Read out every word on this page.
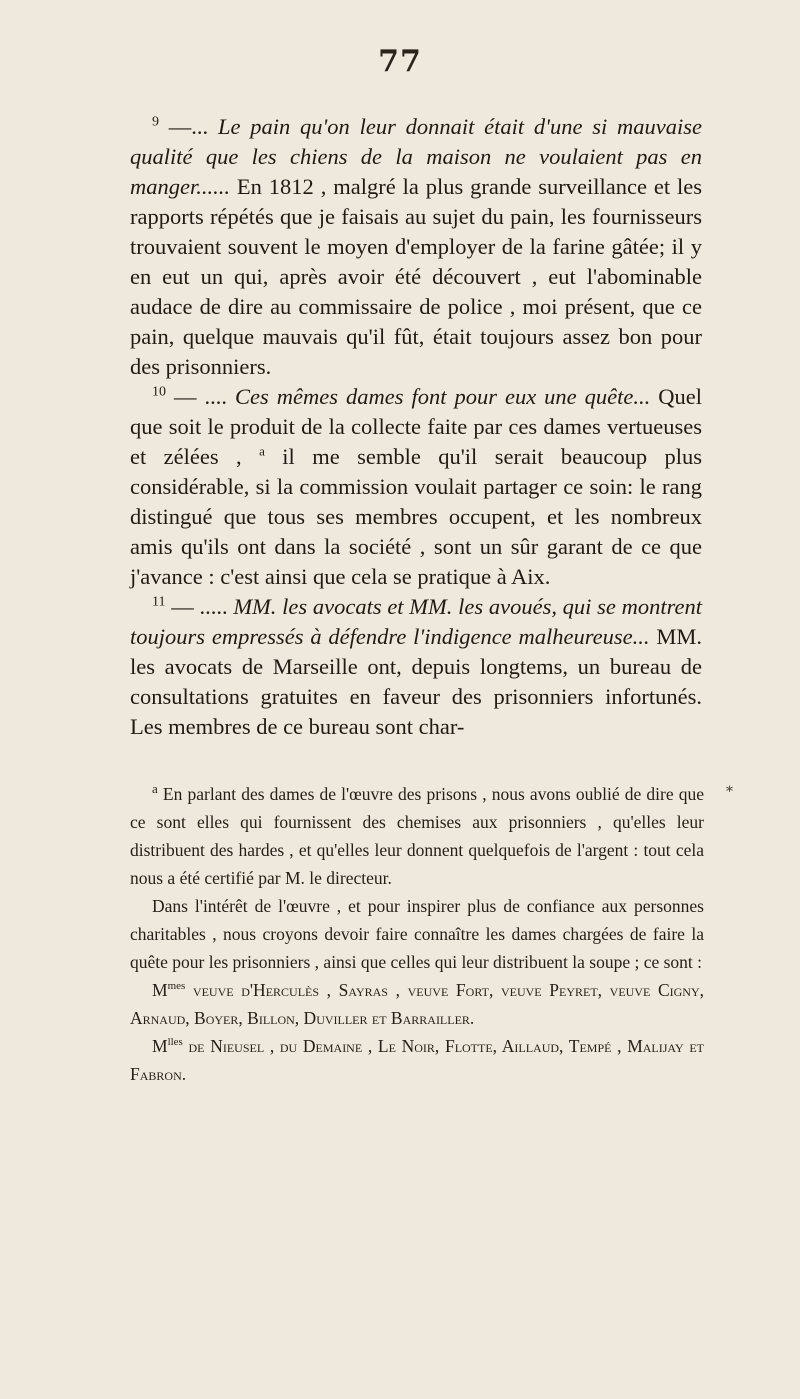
77

$^9$ —... Le pain qu'on leur donnait était d'une si mauvaise qualité que les chiens de la maison ne voulaient pas en manger...... En 1812 , malgré la plus grande surveillance et les rapports répétés que je faisais au sujet du pain, les fournisseurs trouvaient souvent le moyen d'employer de la farine gâtée; il y en eut un qui, après avoir été découvert , eut l'abominable audace de dire au commissaire de police , moi présent, que ce pain, quelque mauvais qu'il fût, était toujours assez bon pour des prisonniers.

$^{10}$ — .... Ces mêmes dames font pour eux une quête... Quel que soit le produit de la collecte faite par ces dames vertueuses et zélées , $^a$ il me semble qu'il serait beaucoup plus considérable, si la commission voulait partager ce soin: le rang distingué que tous ses membres occupent, et les nombreux amis qu'ils ont dans la société , sont un sûr garant de ce que j'avance : c'est ainsi que cela se pratique à Aix.

$^{11}$ — ..... MM. les avocats et MM. les avoués, qui se montrent toujours empressés à défendre l'indigence malheureuse... MM. les avocats de Marseille ont, depuis longtems, un bureau de consultations gratuites en faveur des prisonniers infortunés. Les membres de ce bureau sont char-

*

$^a$ En parlant des dames de l'œuvre des prisons , nous avons oublié de dire que ce sont elles qui fournissent des chemises aux prisonniers , qu'elles leur distribuent des hardes , et qu'elles leur donnent quelquefois de l'argent : tout cela nous a été certifié par M. le directeur.

Dans l'intérêt de l'œuvre , et pour inspirer plus de confiance aux personnes charitables , nous croyons devoir faire connaître les dames chargées de faire la quête pour les prisonniers , ainsi que celles qui leur distribuent la soupe ; ce sont :

$M^{mes}$ veuve d'Herculès , Sayras , veuve Fort, veuve Peyret, veuve Cigny, Arnaud, Boyer, Billon, Duviller et Barrailler.

$M^{lles}$ de Nieusel , du Demaine , Le Noir, Flotte, Aillaud, Tempé , Malijay et Fabron.
